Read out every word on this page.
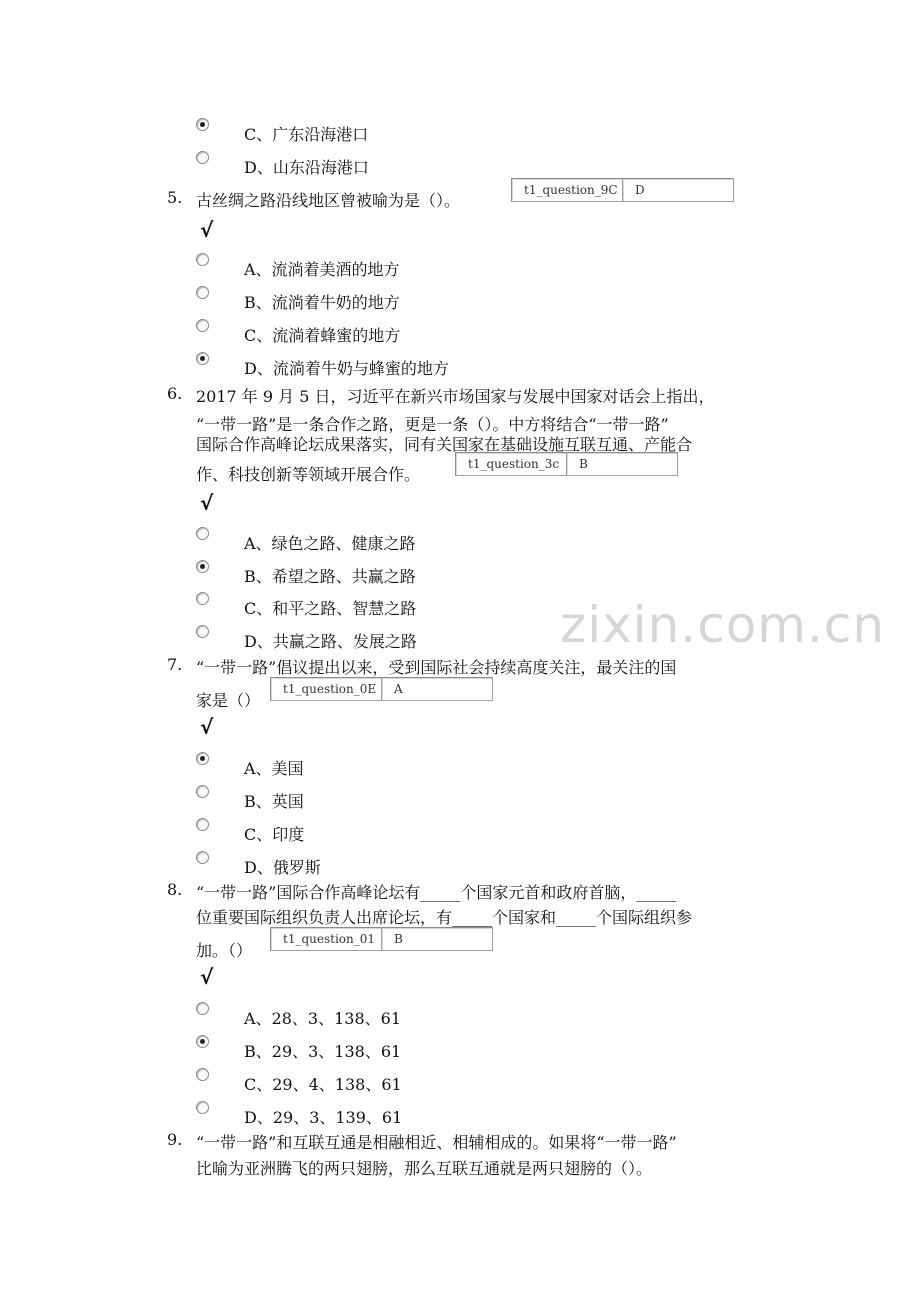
zixin.com.cn
C、广东沿海港口
D、山东沿海港口
5. 古丝绸之路沿线地区曾被喻为是（）。
t1_question_9C	D
√
A、流淌着美酒的地方
B、流淌着牛奶的地方
C、流淌着蜂蜜的地方
D、流淌着牛奶与蜂蜜的地方
6. 2017 年 9 月 5 日，习近平在新兴市场国家与发展中国家对话会上指出，
“一带一路”是一条合作之路，更是一条（）。中方将结合“一带一路”
国际合作高峰论坛成果落实，同有关国家在基础设施互联互通、产能合
作、科技创新等领域开展合作。
t1_question_3c	B
√
A、绿色之路、健康之路
B、希望之路、共赢之路
C、和平之路、智慧之路
D、共赢之路、发展之路
7. “一带一路”倡议提出以来，受到国际社会持续高度关注，最关注的国
家是（）
t1_question_0E	A
√
A、美国
B、英国
C、印度
D、俄罗斯
8. “一带一路”国际合作高峰论坛有_____个国家元首和政府首脑，_____
位重要国际组织负责人出席论坛，有_____个国家和_____个国际组织参
加。（）
t1_question_01	B
√
A、28、3、138、61
B、29、3、138、61
C、29、4、138、61
D、29、3、139、61
9. “一带一路”和互联互通是相融相近、相辅相成的。如果将“一带一路”
比喻为亚洲腾飞的两只翅膀，那么互联互通就是两只翅膀的（）。
